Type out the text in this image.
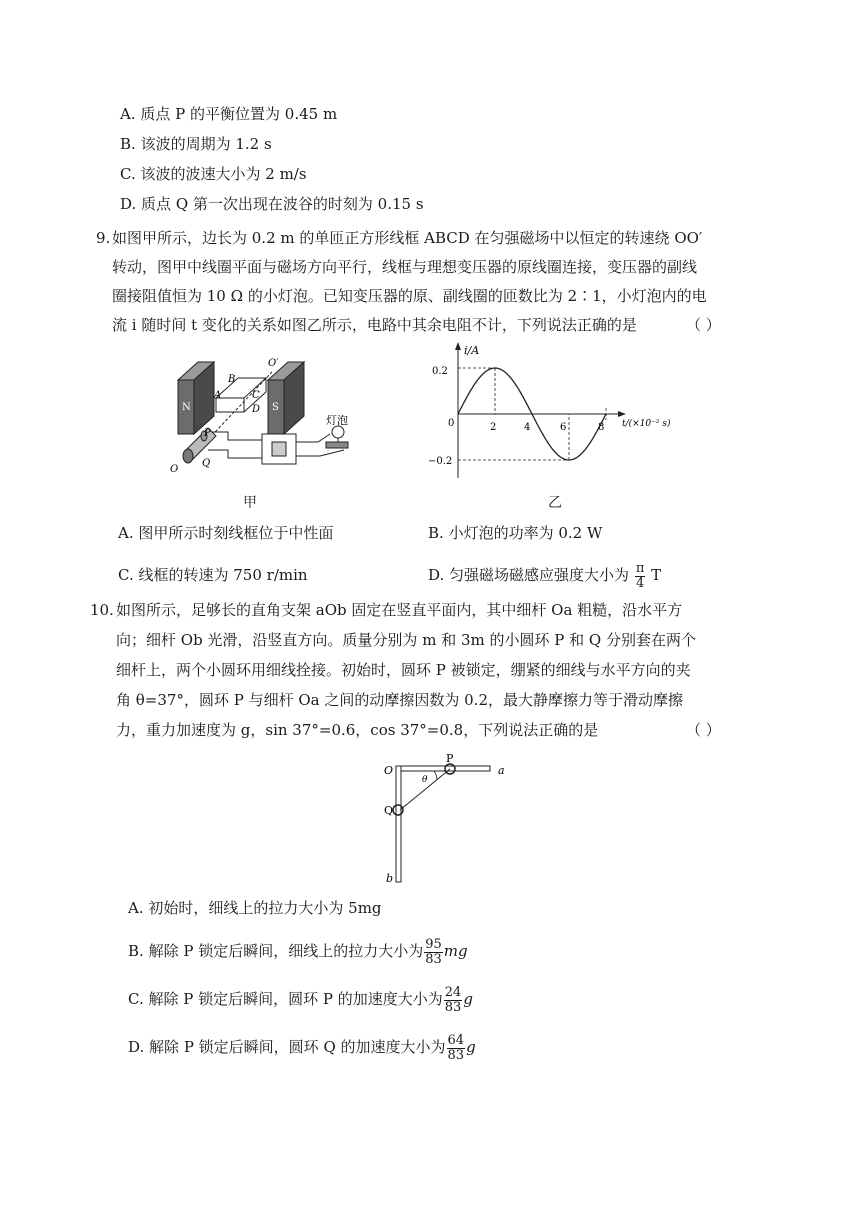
A. 质点 P 的平衡位置为 0.45 m
B. 该波的周期为 1.2 s
C. 该波的波速大小为 2 m/s
D. 质点 Q 第一次出现在波谷的时刻为 0.15 s
9. 如图甲所示，边长为 0.2 m 的单匝正方形线框 ABCD 在匀强磁场中以恒定的转速绕 OO′
转动，图甲中线圈平面与磁场方向平行，线框与理想变压器的原线圈连接，变压器的副线
圈接阻值恒为 10 Ω 的小灯泡。已知变压器的原、副线圈的匝数比为 2∶1，小灯泡内的电
流 i 随时间 t 变化的关系如图乙所示，电路中其余电阻不计，下列说法正确的是	（ ）
N	S
B
A	C
D
O′
P
Q
O
灯泡
甲
i/A
t/(×10⁻² s)
0
0.2
−0.2
2	4	6	8
乙
A. 图甲所示时刻线框位于中性面	B. 小灯泡的功率为 0.2 W
C. 线框的转速为 750 r/min	D. 匀强磁场磁感应强度大小为 $\frac{\pi}{4}$ T
10. 如图所示，足够长的直角支架 aOb 固定在竖直平面内，其中细杆 Oa 粗糙，沿水平方
向；细杆 Ob 光滑，沿竖直方向。质量分别为 m 和 3m 的小圆环 P 和 Q 分别套在两个
细杆上，两个小圆环用细线拴接。初始时，圆环 P 被锁定，绷紧的细线与水平方向的夹
角 θ=37°，圆环 P 与细杆 Oa 之间的动摩擦因数为 0.2，最大静摩擦力等于滑动摩擦
力，重力加速度为 g，sin 37°=0.6，cos 37°=0.8，下列说法正确的是	（ ）
O
P
a
Q
b
θ
A. 初始时，细线上的拉力大小为 5mg
B. 解除 P 锁定后瞬间，细线上的拉力大小为 $\frac{95}{83}$ mg
C. 解除 P 锁定后瞬间，圆环 P 的加速度大小为 $\frac{24}{83}$ g
D. 解除 P 锁定后瞬间，圆环 Q 的加速度大小为 $\frac{64}{83}$ g
